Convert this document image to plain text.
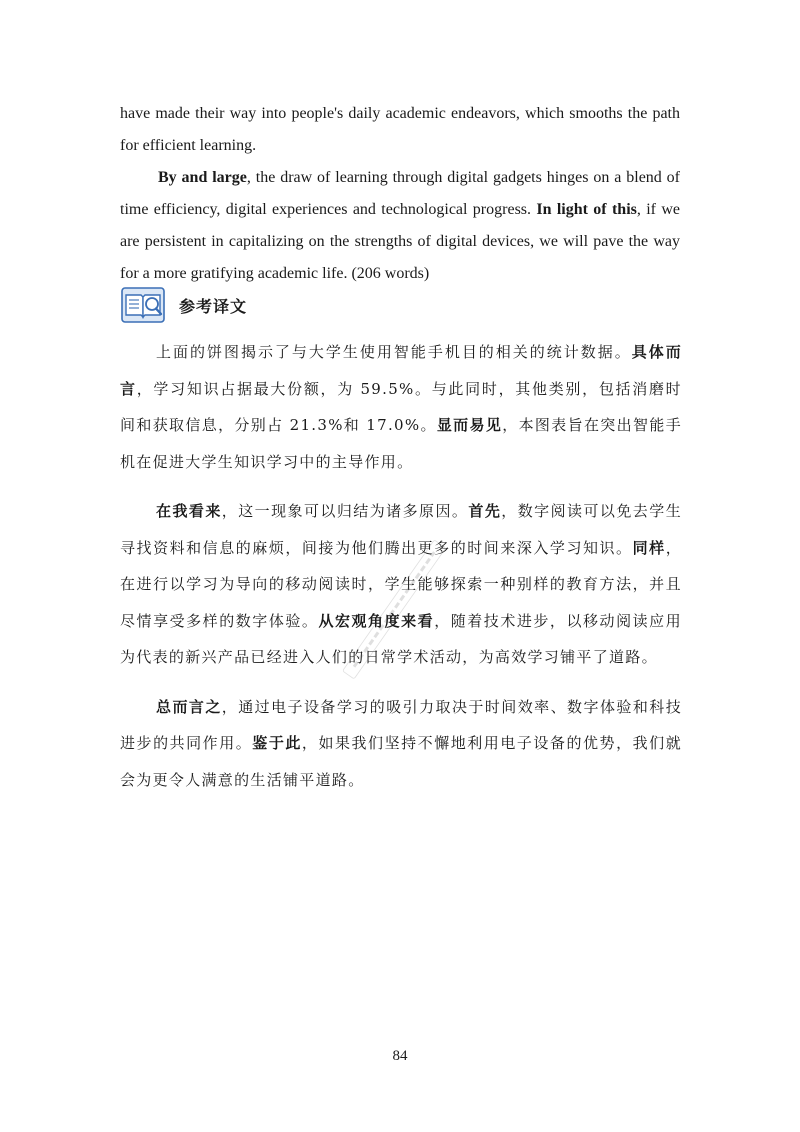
have made their way into people's daily academic endeavors, which smooths the path for efficient learning.

By and large, the draw of learning through digital gadgets hinges on a blend of time efficiency, digital experiences and technological progress. In light of this, if we are persistent in capitalizing on the strengths of digital devices, we will pave the way for a more gratifying academic life. (206 words)

参考译文

上面的饼图揭示了与大学生使用智能手机目的相关的统计数据。具体而言，学习知识占据最大份额，为 59.5%。与此同时，其他类别，包括消磨时间和获取信息，分别占 21.3%和 17.0%。显而易见，本图表旨在突出智能手机在促进大学生知识学习中的主导作用。

在我看来，这一现象可以归结为诸多原因。首先，数字阅读可以免去学生寻找资料和信息的麻烦，间接为他们腾出更多的时间来深入学习知识。同样，在进行以学习为导向的移动阅读时，学生能够探索一种别样的教育方法，并且尽情享受多样的数字体验。从宏观角度来看，随着技术进步，以移动阅读应用为代表的新兴产品已经进入人们的日常学术活动，为高效学习铺平了道路。

总而言之，通过电子设备学习的吸引力取决于时间效率、数字体验和科技进步的共同作用。鉴于此，如果我们坚持不懈地利用电子设备的优势，我们就会为更令人满意的生活铺平道路。

84
